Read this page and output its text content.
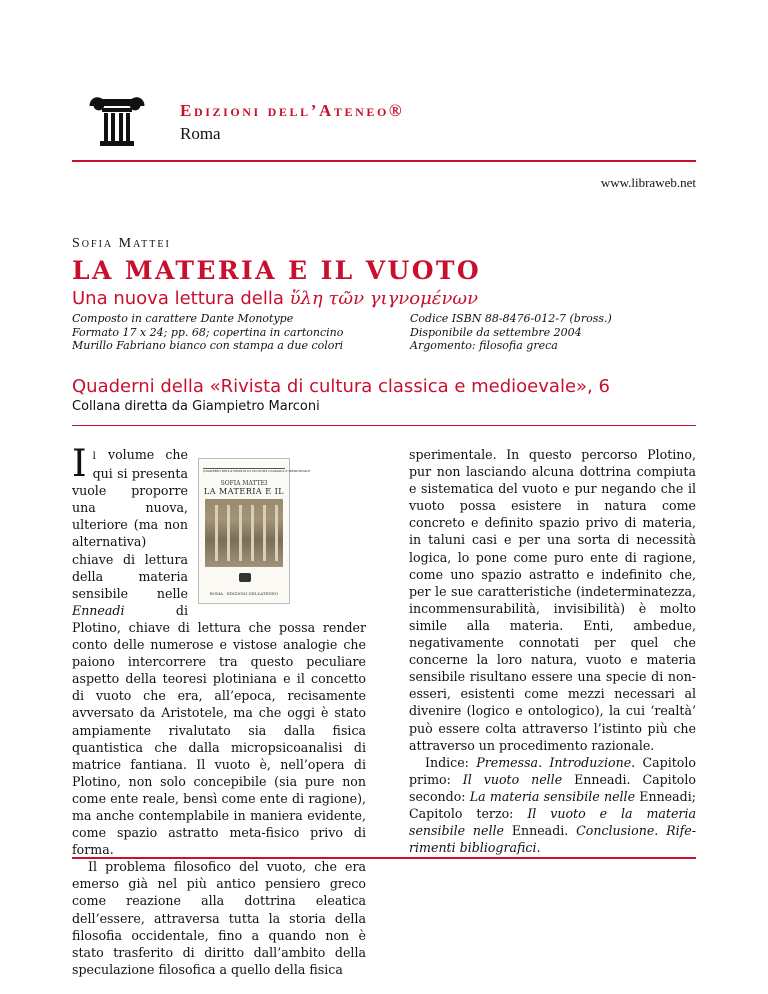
Edizioni dell’Ateneo®

Roma

www.libraweb.net

Sofia Mattei

LA MATERIA E IL VUOTO

Una nuova lettura della ὕλη τῶν γιγνομένων

Composto in carattere Dante Monotype
Formato 17 x 24; pp. 68; copertina in cartoncino
Murillo Fabriano bianco con stampa a due colori
Codice ISBN 88-8476-012-7 (bross.)
Disponibile da settembre 2004
Argomento: filosofia greca

Quaderni della «Rivista di cultura classica e medioevale», 6

Collana diretta da Giampietro Marconi

QUADERNI DELLA RIVISTA DI CULTURA CLASSICA E MEDIOEVALE
SOFIA MATTEI
LA MATERIA E IL
ROMA · EDIZIONI DELL’ATENEO

Il volume che qui si presenta vuole proporre una nuova, ulteriore (ma non alternativa) chiave di lettura della materia sensibile nelle Enneadi di Plotino, chiave di lettura che possa render conto delle numerose e vistose analogie che paiono intercorrere tra questo peculiare aspetto della teoresi plotiniana e il concetto di vuoto che era, all’epoca, recisamente avversato da Aristotele, ma che oggi è stato ampiamente rivalutato sia dalla fisica quantistica che dalla micropsicoanalisi di matrice fantiana. Il vuoto è, nell’opera di Plotino, non solo concepibile (sia pure non come ente reale, bensì come ente di ragione), ma anche contemplabile in maniera evidente, come spazio astratto meta-fisico privo di forma.

Il problema filosofico del vuoto, che era emerso già nel più antico pensiero greco come reazione alla dottrina eleatica dell’essere, attraversa tutta la storia della filosofia occidentale, fino a quando non è stato trasferito di diritto dall’ambito della speculazione filosofica a quello della fisica

sperimentale. In questo percorso Plotino, pur non lasciando alcuna dottrina compiuta e sistematica del vuoto e pur negando che il vuoto possa esistere in natura come concreto e definito spazio privo di materia, in taluni casi e per una sorta di necessità logica, lo pone come puro ente di ragione, come uno spazio astratto e indefinito che, per le sue caratteristiche (indeterminatezza, incommensurabilità, invisibilità) è molto simile alla materia. Enti, ambedue, negativamente connotati per quel che concerne la loro natura, vuoto e materia sensibile risultano essere una specie di non-esseri, esistenti come mezzi necessari al divenire (logico e ontologico), la cui ‘realtà’ può essere colta attraverso l’istinto più che attraverso un procedimento razionale.

Indice: Premessa. Introduzione. Capitolo primo: Il vuoto nelle Enneadi. Capitolo secondo: La materia sensibile nelle Enneadi; Capitolo terzo: Il vuoto e la materia sensibile nelle Enneadi. Conclusione. Riferimenti bibliografici.
